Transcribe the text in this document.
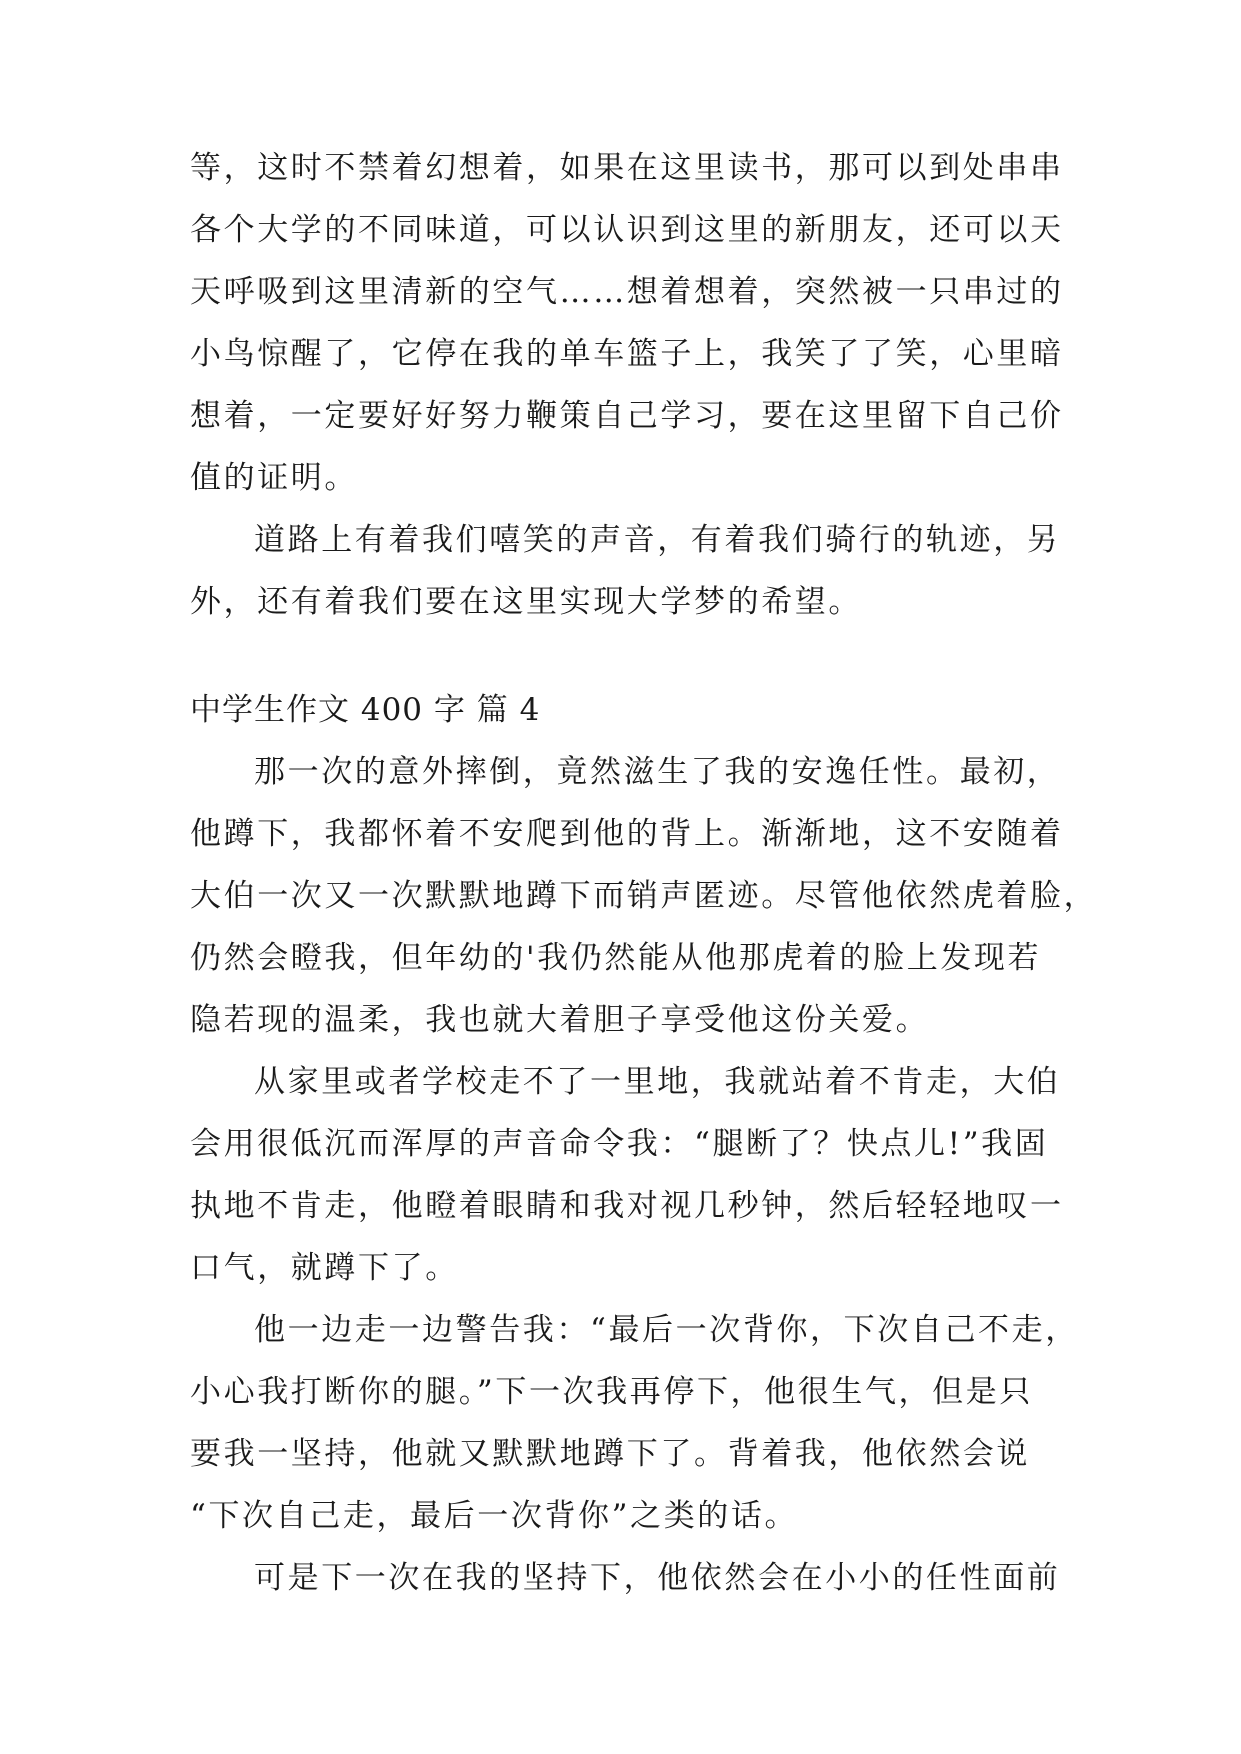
等，这时不禁着幻想着，如果在这里读书，那可以到处串串
各个大学的不同味道，可以认识到这里的新朋友，还可以天
天呼吸到这里清新的空气……想着想着，突然被一只串过的
小鸟惊醒了，它停在我的单车篮子上，我笑了了笑，心里暗
想着，一定要好好努力鞭策自己学习，要在这里留下自己价
值的证明。
道路上有着我们嘻笑的声音，有着我们骑行的轨迹，另
外，还有着我们要在这里实现大学梦的希望。
中学生作文 400 字 篇 4
那一次的意外摔倒，竟然滋生了我的安逸任性。最初，
他蹲下，我都怀着不安爬到他的背上。渐渐地，这不安随着
大伯一次又一次默默地蹲下而销声匿迹。尽管他依然虎着脸，
仍然会瞪我，但年幼的'我仍然能从他那虎着的脸上发现若
隐若现的温柔，我也就大着胆子享受他这份关爱。
从家里或者学校走不了一里地，我就站着不肯走，大伯
会用很低沉而浑厚的声音命令我：“腿断了？快点儿!”我固
执地不肯走，他瞪着眼睛和我对视几秒钟，然后轻轻地叹一
口气，就蹲下了。
他一边走一边警告我：“最后一次背你，下次自己不走，
小心我打断你的腿。”下一次我再停下，他很生气，但是只
要我一坚持，他就又默默地蹲下了。背着我，他依然会说
“下次自己走，最后一次背你”之类的话。
可是下一次在我的坚持下，他依然会在小小的任性面前
